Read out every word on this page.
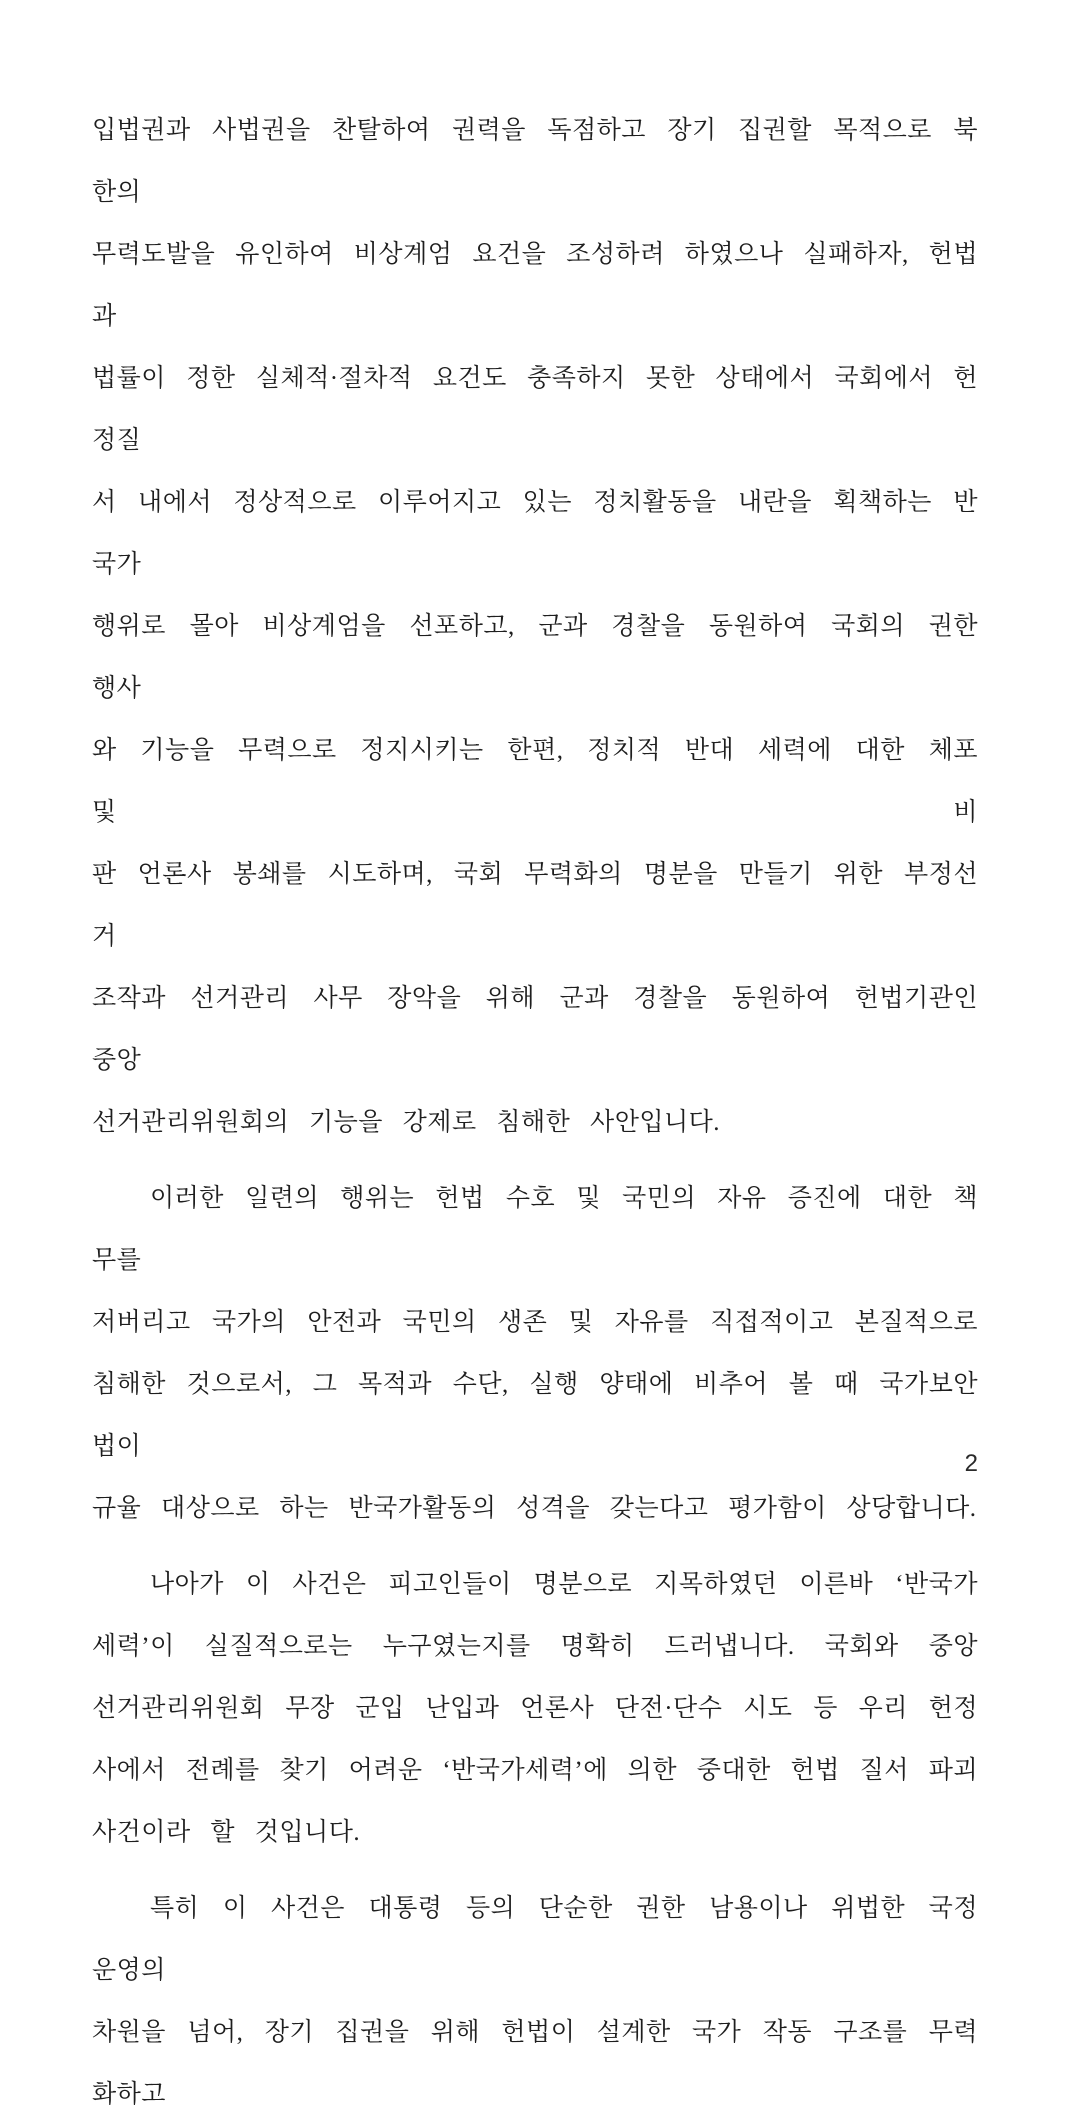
입법권과 사법권을 찬탈하여 권력을 독점하고 장기 집권할 목적으로 북한의
무력도발을 유인하여 비상계엄 요건을 조성하려 하였으나 실패하자, 헌법과
법률이 정한 실체적·절차적 요건도 충족하지 못한 상태에서 국회에서 헌정질
서 내에서 정상적으로 이루어지고 있는 정치활동을 내란을 획책하는 반국가
행위로 몰아 비상계엄을 선포하고, 군과 경찰을 동원하여 국회의 권한 행사
와 기능을 무력으로 정지시키는 한편, 정치적 반대 세력에 대한 체포 및 비
판 언론사 봉쇄를 시도하며, 국회 무력화의 명분을 만들기 위한 부정선거
조작과 선거관리 사무 장악을 위해 군과 경찰을 동원하여 헌법기관인 중앙
선거관리위원회의 기능을 강제로 침해한 사안입니다.
이러한 일련의 행위는 헌법 수호 및 국민의 자유 증진에 대한 책무를
저버리고 국가의 안전과 국민의 생존 및 자유를 직접적이고 본질적으로
침해한 것으로서, 그 목적과 수단, 실행 양태에 비추어 볼 때 국가보안법이
규율 대상으로 하는 반국가활동의 성격을 갖는다고 평가함이 상당합니다.
나아가 이 사건은 피고인들이 명분으로 지목하였던 이른바 ‘반국가
세력’이 실질적으로는 누구였는지를 명확히 드러냅니다. 국회와 중앙
선거관리위원회 무장 군입 난입과 언론사 단전·단수 시도 등 우리 헌정
사에서 전례를 찾기 어려운 ‘반국가세력’에 의한 중대한 헌법 질서 파괴
사건이라 할 것입니다.
특히 이 사건은 대통령 등의 단순한 권한 남용이나 위법한 국정 운영의
차원을 넘어, 장기 집권을 위해 헌법이 설계한 국가 작동 구조를 무력화하고
2
